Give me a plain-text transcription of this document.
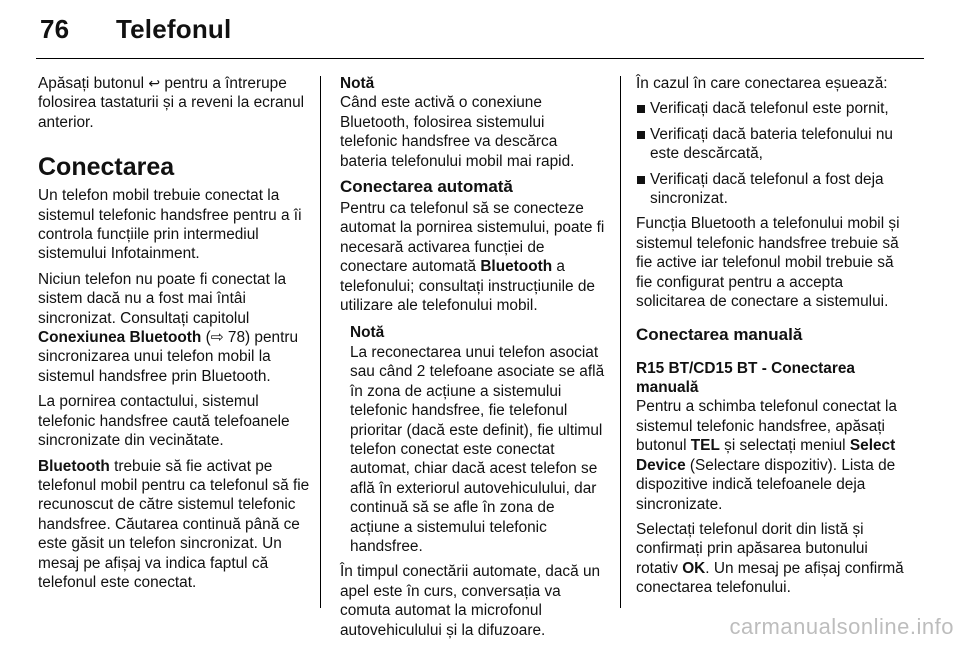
76 Telefonul

Apăsați butonul ↩ pentru a întrerupe folosirea tastaturii și a reveni la ecranul anterior.

Conectarea

Un telefon mobil trebuie conectat la sistemul telefonic handsfree pentru a îi controla funcțiile prin intermediul sistemului Infotainment.

Niciun telefon nu poate fi conectat la sistem dacă nu a fost mai întâi sincronizat. Consultați capitolul Conexiunea Bluetooth (⇨ 78) pentru sincronizarea unui telefon mobil la sistemul handsfree prin Bluetooth.

La pornirea contactului, sistemul telefonic handsfree caută telefoanele sincronizate din vecinătate.

Bluetooth trebuie să fie activat pe telefonul mobil pentru ca telefonul să fie recunoscut de către sistemul telefonic handsfree. Căutarea continuă până ce este găsit un telefon sincronizat. Un mesaj pe afișaj va indica faptul că telefonul este conectat.

Notă

Când este activă o conexiune Bluetooth, folosirea sistemului telefonic handsfree va descărca bateria telefonului mobil mai rapid.

Conectarea automată

Pentru ca telefonul să se conecteze automat la pornirea sistemului, poate fi necesară activarea funcției de conectare automată Bluetooth a telefonului; consultați instrucțiunile de utilizare ale telefonului mobil.

Notă

La reconectarea unui telefon asociat sau când 2 telefoane asociate se află în zona de acțiune a sistemului telefonic handsfree, fie telefonul prioritar (dacă este definit), fie ultimul telefon conectat este conectat automat, chiar dacă acest telefon se află în exteriorul autovehiculului, dar continuă să se afle în zona de acțiune a sistemului telefonic handsfree.

În timpul conectării automate, dacă un apel este în curs, conversația va comuta automat la microfonul autovehiculului și la difuzoare.

În cazul în care conectarea eșuează:

Verificați dacă telefonul este pornit,
Verificați dacă bateria telefonului nu este descărcată,
Verificați dacă telefonul a fost deja sincronizat.

Funcția Bluetooth a telefonului mobil și sistemul telefonic handsfree trebuie să fie active iar telefonul mobil trebuie să fie configurat pentru a accepta solicitarea de conectare a sistemului.

Conectarea manuală
R15 BT/CD15 BT - Conectarea manuală

Pentru a schimba telefonul conectat la sistemul telefonic handsfree, apăsați butonul TEL și selectați meniul Select Device (Selectare dispozitiv). Lista de dispozitive indică telefoanele deja sincronizate.

Selectați telefonul dorit din listă și confirmați prin apăsarea butonului rotativ OK. Un mesaj pe afișaj confirmă conectarea telefonului.

carmanualsonline.info
